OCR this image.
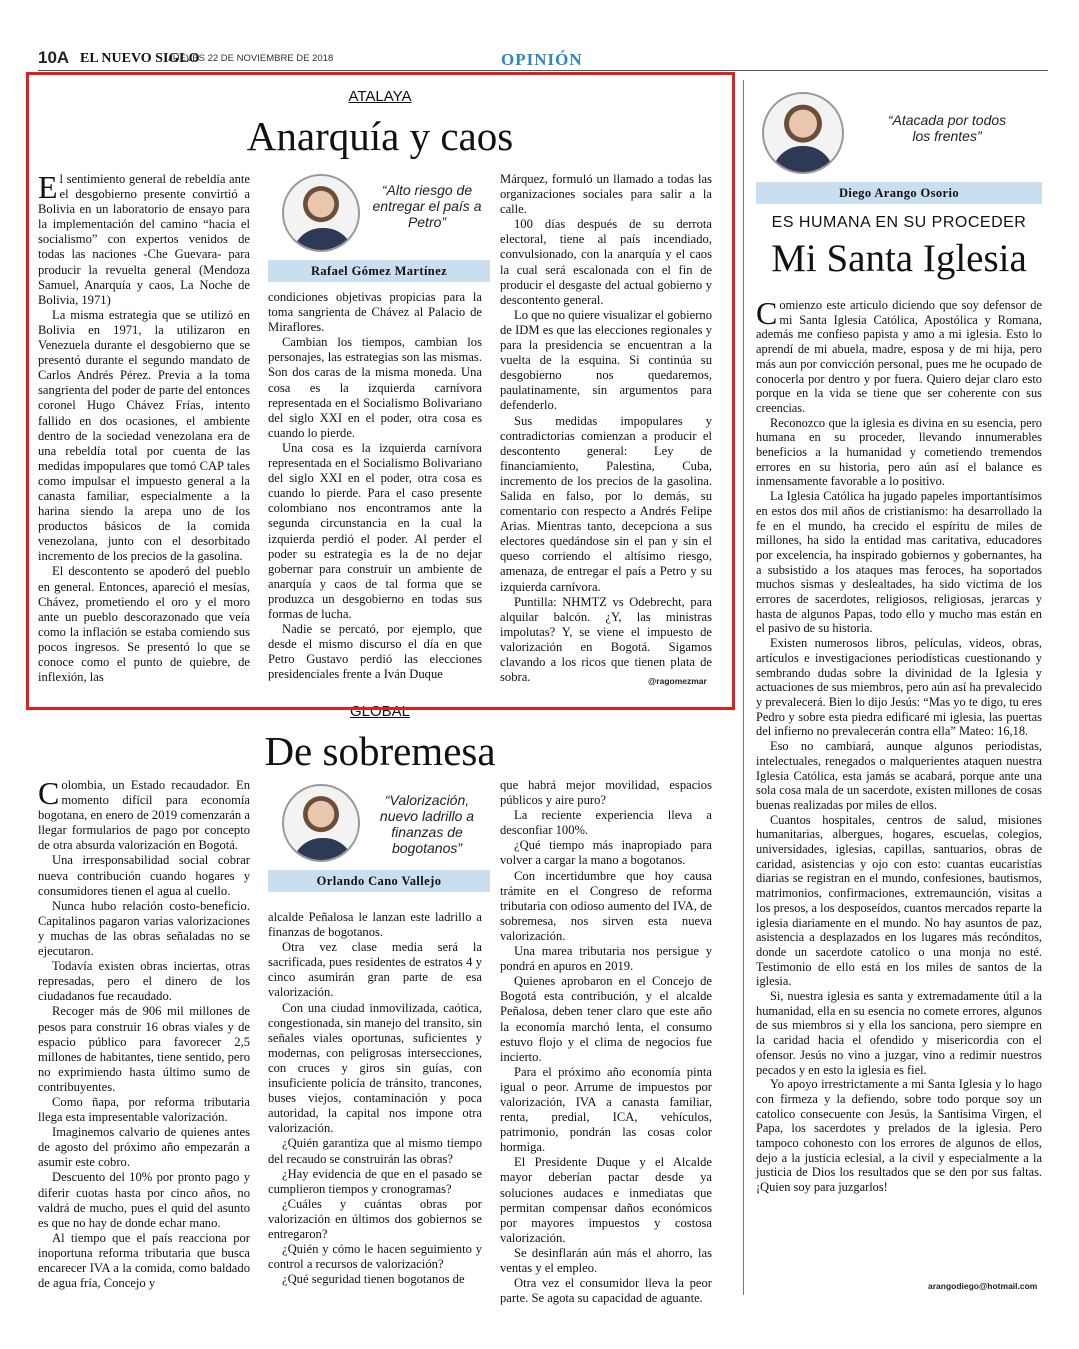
10A EL NUEVO SIGLO
JUEVES 22 DE NOVIEMBRE DE 2018	OPINIÓN
ATALAYA
Anarquía y caos

El sentimiento general de rebeldía ante el desgobierno presente convirtió a Bolivia en un laboratorio de ensayo para la implementación del camino “hacia el socialismo” con expertos venidos de todas las naciones -Che Guevara- para producir la revuelta general (Mendoza Samuel, Anarquía y caos, La Noche de Bolivia, 1971)

La misma estrategia que se utilizó en Bolivia en 1971, la utilizaron en Venezuela durante el desgobierno que se presentó durante el segundo mandato de Carlos Andrés Pérez. Previa a la toma sangrienta del poder de parte del entonces coronel Hugo Chávez Frías, intento fallido en dos ocasiones, el ambiente dentro de la sociedad venezolana era de una rebeldía total por cuenta de las medidas impopulares que tomó CAP tales como impulsar el impuesto general a la canasta familiar, especialmente a la harina siendo la arepa uno de los productos básicos de la comida venezolana, junto con el desorbitado incremento de los precios de la gasolina.

El descontento se apoderó del pueblo en general. Entonces, apareció el mesías, Chávez, prometiendo el oro y el moro ante un pueblo descorazonado que veía como la inflación se estaba comiendo sus pocos ingresos. Se presentó lo que se conoce como el punto de quiebre, de inflexión, las

“Alto riesgo de entregar el país a Petro”
Rafael Gómez Martínez

condiciones objetivas propicias para la toma sangrienta de Chávez al Palacio de Miraflores.

Cambian los tiempos, cambian los personajes, las estrategias son las mismas. Son dos caras de la misma moneda. Una cosa es la izquierda carnívora representada en el Socialismo Bolivariano del siglo XXI en el poder, otra cosa es cuando lo pierde.

Una cosa es la izquierda carnívora representada en el Socialismo Bolivariano del siglo XXI en el poder, otra cosa es cuando lo pierde. Para el caso presente colombiano nos encontramos ante la segunda circunstancia en la cual la izquierda perdió el poder. Al perder el poder su estrategia es la de no dejar gobernar para construir un ambiente de anarquía y caos de tal forma que se produzca un desgobierno en todas sus formas de lucha.

Nadie se percató, por ejemplo, que desde el mismo discurso el día en que Petro Gustavo perdió las elecciones presidenciales frente a Iván Duque

Márquez, formuló un llamado a todas las organizaciones sociales para salir a la calle.

100 días después de su derrota electoral, tiene al país incendiado, convulsionado, con la anarquía y el caos la cual será escalonada con el fin de producir el desgaste del actual gobierno y descontento general.

Lo que no quiere visualizar el gobierno de IDM es que las elecciones regionales y para la presidencia se encuentran a la vuelta de la esquina. Si continúa su desgobierno nos quedaremos, paulatinamente, sin argumentos para defenderlo.

Sus medidas impopulares y contradictorias comienzan a producir el descontento general: Ley de financiamiento, Palestina, Cuba, incremento de los precios de la gasolina. Salida en falso, por lo demás, su comentario con respecto a Andrés Felipe Arias. Mientras tanto, decepciona a sus electores quedándose sin el pan y sin el queso corriendo el altísimo riesgo, amenaza, de entregar el país a Petro y su izquierda carnívora.

Puntilla: NHMTZ vs Odebrecht, para alquilar balcón. ¿Y, las ministras impolutas? Y, se viene el impuesto de valorización en Bogotá. Sigamos clavando a los ricos que tienen plata de sobra.	@ragomezmar
GLOBAL
De sobremesa

Colombia, un Estado recaudador. En momento difícil para economía bogotana, en enero de 2019 comenzarán a llegar formularios de pago por concepto de otra absurda valorización en Bogotá.

Una irresponsabilidad social cobrar nueva contribución cuando hogares y consumidores tienen el agua al cuello.

Nunca hubo relación costo-beneficio. Capitalinos pagaron varias valorizaciones y muchas de las obras señaladas no se ejecutaron.

Todavía existen obras inciertas, otras represadas, pero el dinero de los ciudadanos fue recaudado.

Recoger más de 906 mil millones de pesos para construir 16 obras viales y de espacio público para favorecer 2,5 millones de habitantes, tiene sentido, pero no exprimiendo hasta último sumo de contribuyentes.

Como ñapa, por reforma tributaria llega esta impresentable valorización.

Imaginemos calvario de quienes antes de agosto del próximo año empezarán a asumir este cobro.

Descuento del 10% por pronto pago y diferir cuotas hasta por cinco años, no valdrá de mucho, pues el quid del asunto es que no hay de donde echar mano.

Al tiempo que el país reacciona por inoportuna reforma tributaria que busca encarecer IVA a la comida, como baldado de agua fría, Concejo y

“Valorización, nuevo ladrillo a finanzas de bogotanos”
Orlando Cano Vallejo

alcalde Peñalosa le lanzan este ladrillo a finanzas de bogotanos.

Otra vez clase media será la sacrificada, pues residentes de estratos 4 y cinco asumirán gran parte de esa valorización.

Con una ciudad inmovilizada, caótica, congestionada, sin manejo del transito, sin señales viales oportunas, suficientes y modernas, con peligrosas intersecciones, con cruces y giros sin guías, con insuficiente policía de tránsito, trancones, buses viejos, contaminación y poca autoridad, la capital nos impone otra valorización.

¿Quién garantiza que al mismo tiempo del recaudo se construirán las obras?

¿Hay evidencia de que en el pasado se cumplieron tiempos y cronogramas?

¿Cuáles y cuántas obras por valorización en últimos dos gobiernos se entregaron?

¿Quién y cómo le hacen seguimiento y control a recursos de valorización?

¿Qué seguridad tienen bogotanos de

que habrá mejor movilidad, espacios públicos y aire puro?

La reciente experiencia lleva a desconfiar 100%.

¿Qué tiempo más inapropiado para volver a cargar la mano a bogotanos.

Con incertidumbre que hoy causa trámite en el Congreso de reforma tributaria con odioso aumento del IVA, de sobremesa, nos sirven esta nueva valorización.

Una marea tributaria nos persigue y pondrá en apuros en 2019.

Quienes aprobaron en el Concejo de Bogotá esta contribución, y el alcalde Peñalosa, deben tener claro que este año la economía marchó lenta, el consumo estuvo flojo y el clima de negocios fue incierto.

Para el próximo año economía pinta igual o peor. Arrume de impuestos por valorización, IVA a canasta familiar, renta, predial, ICA, vehículos, patrimonio, pondrán las cosas color hormiga.

El Presidente Duque y el Alcalde mayor deberían pactar desde ya soluciones audaces e inmediatas que permitan compensar daños económicos por mayores impuestos y costosa valorización.

Se desinflarán aún más el ahorro, las ventas y el empleo.

Otra vez el consumidor lleva la peor parte. Se agota su capacidad de aguante.

“Atacada por todos los frentes”
Diego Arango Osorio
ES HUMANA EN SU PROCEDER
Mi Santa Iglesia

Comienzo este articulo diciendo que soy defensor de mi Santa Iglesia Católica, Apostólica y Romana, además me confieso papista y amo a mi iglesia. Esto lo aprendí de mi abuela, madre, esposa y de mi hija, pero más aun por convicción personal, pues me he ocupado de conocerla por dentro y por fuera. Quiero dejar claro esto porque en la vida se tiene que ser coherente con sus creencias.

Reconozco que la iglesia es divina en su esencia, pero humana en su proceder, llevando innumerables beneficios a la humanidad y cometiendo tremendos errores en su historia, pero aún así el balance es inmensamente favorable a lo positivo.

La Iglesia Católica ha jugado papeles importantísimos en estos dos mil años de cristianismo: ha desarrollado la fe en el mundo, ha crecido el espíritu de miles de millones, ha sido la entidad mas caritativa, educadores por excelencia, ha inspirado gobiernos y gobernantes, ha a subsistido a los ataques mas feroces, ha soportados muchos sismas y deslealtades, ha sido victima de los errores de sacerdotes, religiosos, religiosas, jerarcas y hasta de algunos Papas, todo ello y mucho mas están en el pasivo de su historia.

Existen numerosos libros, películas, videos, obras, artículos e investigaciones periodísticas cuestionando y sembrando dudas sobre la divinidad de la Iglesia y actuaciones de sus miembros, pero aún así ha prevalecido y prevalecerá. Bien lo dijo Jesús: “Mas yo te digo, tu eres Pedro y sobre esta piedra edificaré mi iglesia, las puertas del infierno no prevalecerán contra ella” Mateo: 16,18.

Eso no cambiará, aunque algunos periodistas, intelectuales, renegados o malquerientes ataquen nuestra Iglesia Católica, esta jamás se acabará, porque ante una sola cosa mala de un sacerdote, existen millones de cosas buenas realizadas por miles de ellos.

Cuantos hospitales, centros de salud, misiones humanitarias, albergues, hogares, escuelas, colegios, universidades, iglesias, capillas, santuarios, obras de caridad, asistencias y ojo con esto: cuantas eucaristías diarias se registran en el mundo, confesiones, bautismos, matrimonios, confirmaciones, extremaunción, visitas a los presos, a los desposeídos, cuantos mercados reparte la iglesia diariamente en el mundo. No hay asuntos de paz, asistencia a desplazados en los lugares más recónditos, donde un sacerdote catolico o una monja no esté. Testimonio de ello está en los miles de santos de la iglesia.

Si, nuestra iglesia es santa y extremadamente útil a la humanidad, ella en su esencia no comete errores, algunos de sus miembros si y ella los sanciona, pero siempre en la caridad hacia el ofendido y misericordia con el ofensor. Jesús no vino a juzgar, vino a redimir nuestros pecados y en esto la iglesia es fiel.

Yo apoyo irrestrictamente a mi Santa Iglesia y lo hago con firmeza y la defiendo, sobre todo porque soy un catolico consecuente con Jesús, la Santísima Virgen, el Papa, los sacerdotes y prelados de la iglesia. Pero tampoco cohonesto con los errores de algunos de ellos, dejo a la justicia eclesial, a la civil y especialmente a la justicia de Dios los resultados que se den por sus faltas. ¡Quien soy para juzgarlos!

arangodiego@hotmail.com
